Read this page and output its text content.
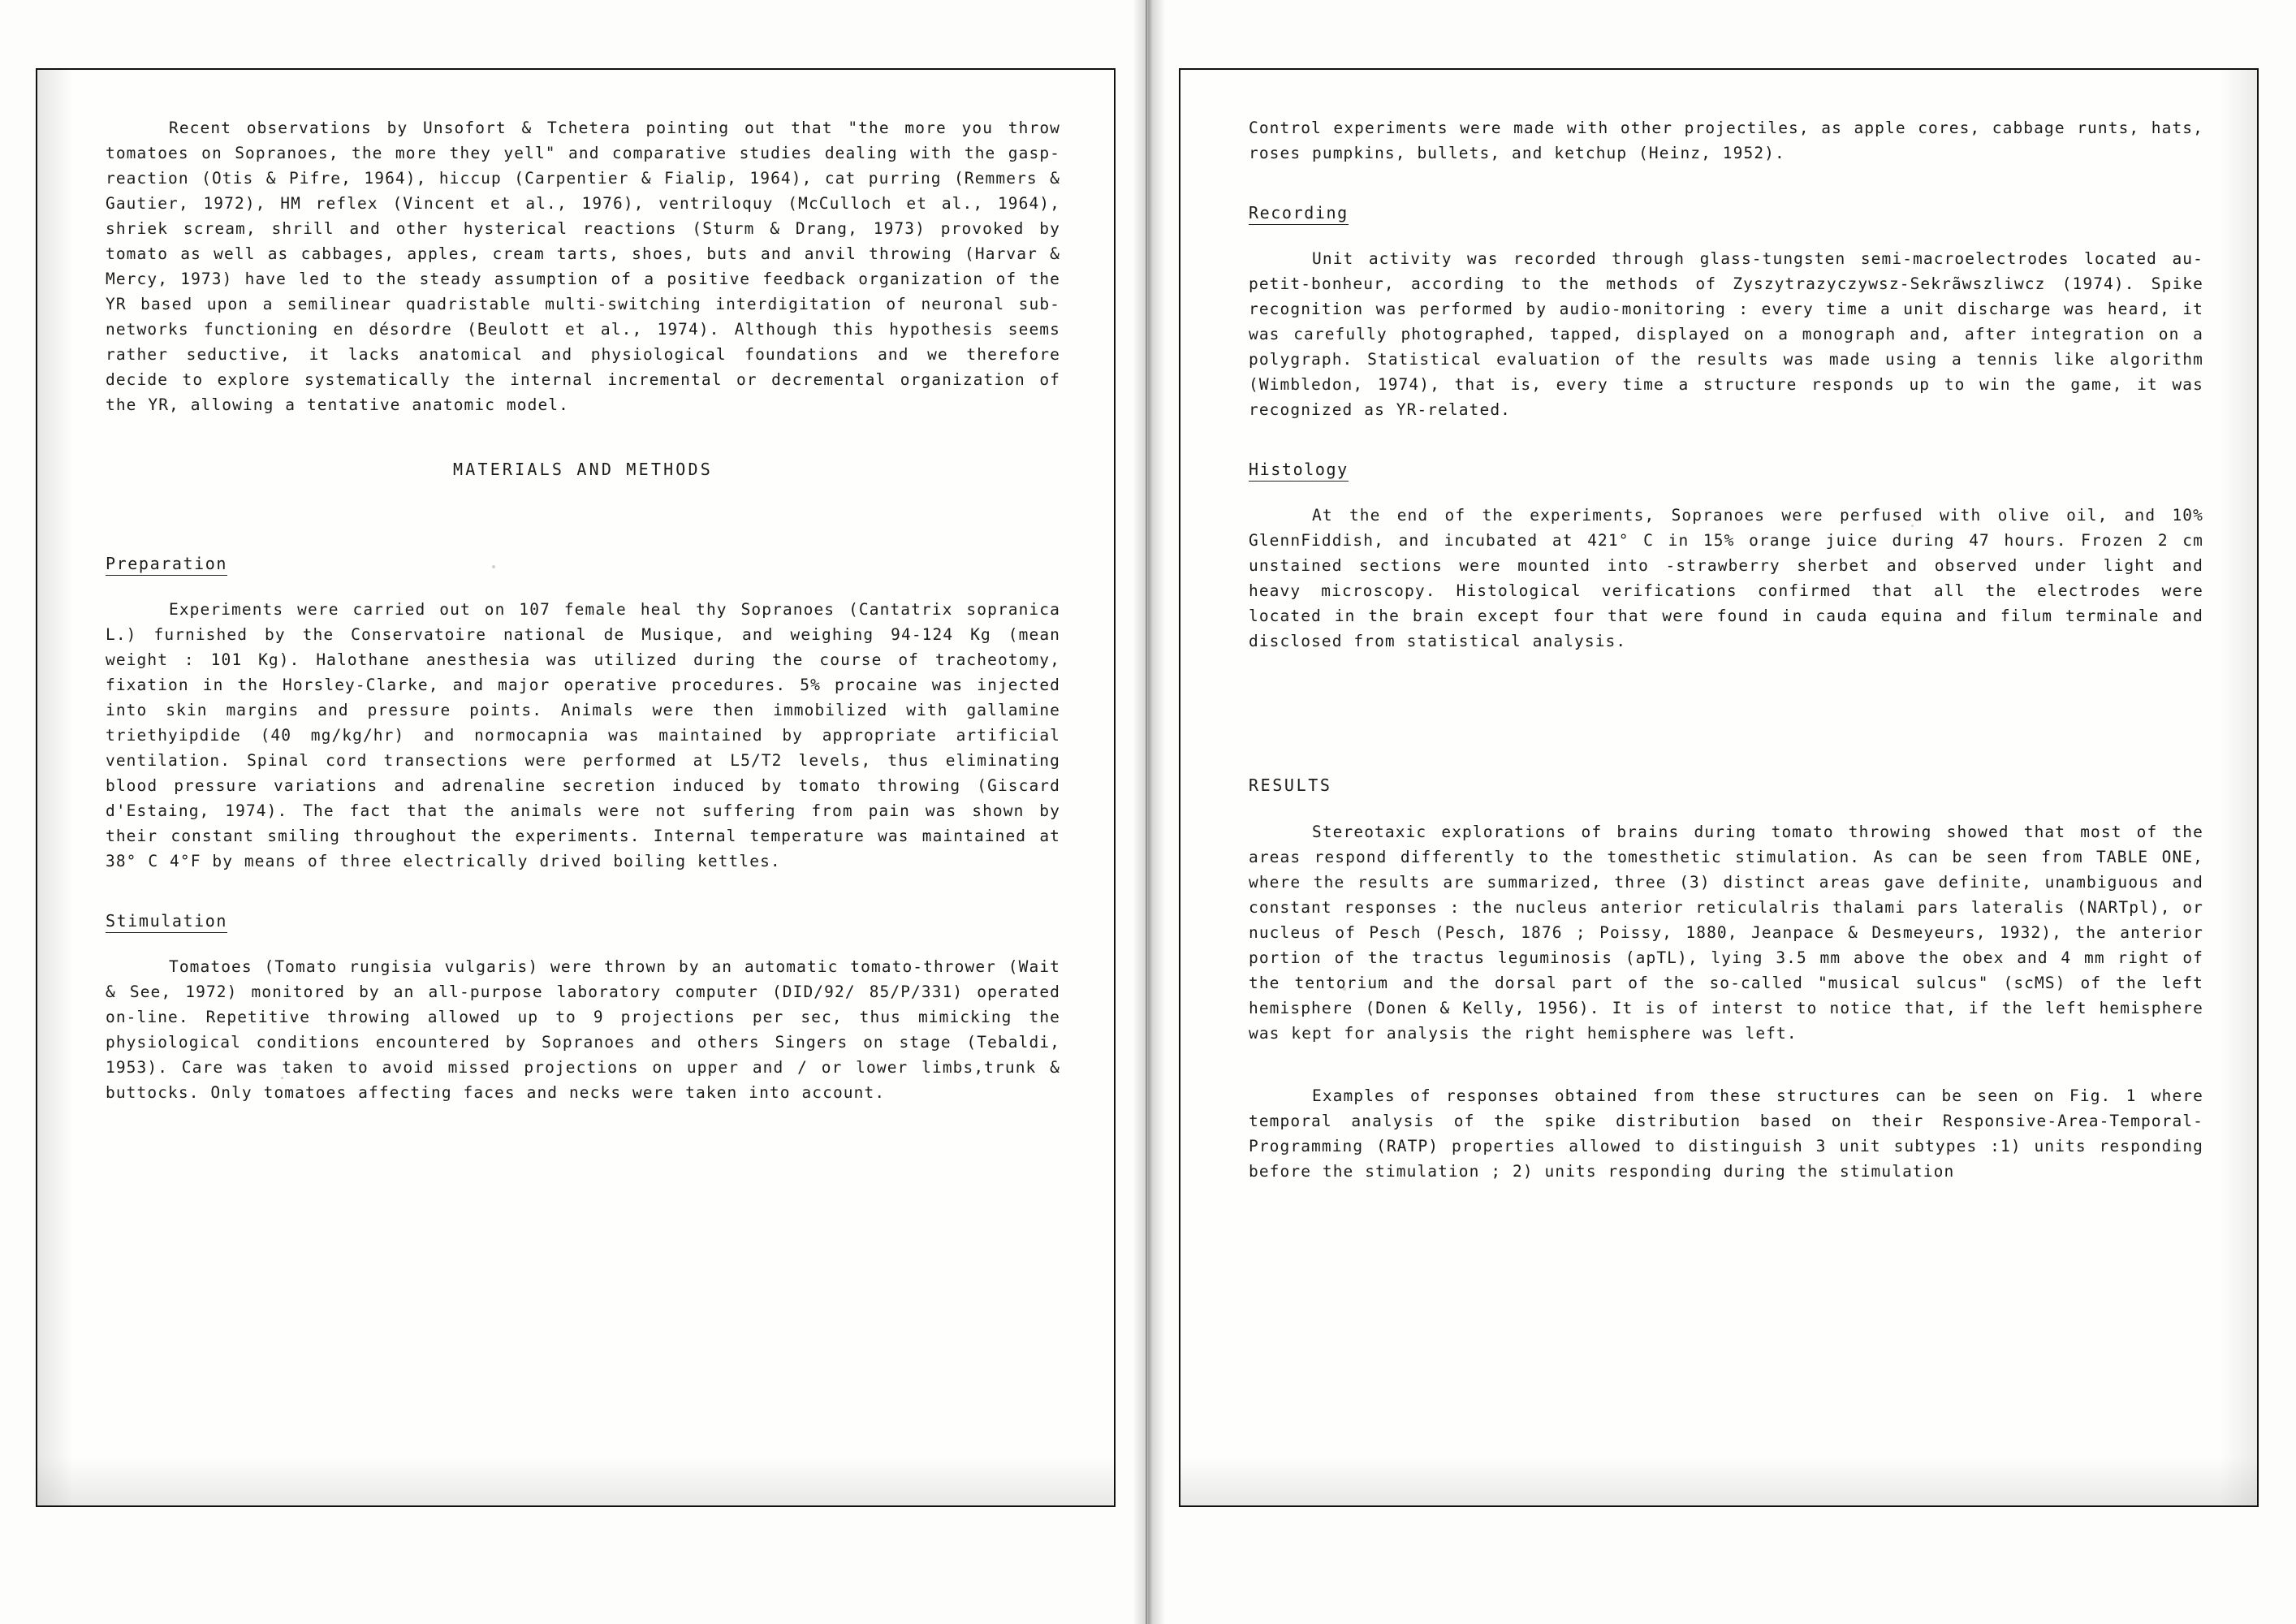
Recent observations by Unsofort & Tchetera pointing out that "the more you throw tomatoes on Sopranoes, the more they yell" and comparative studies dealing with the gasp-reaction (Otis & Pifre, 1964), hiccup (Carpentier & Fialip, 1964), cat purring (Remmers & Gautier, 1972), HM reflex (Vincent et al., 1976), ventriloquy (McCulloch et al., 1964), shriek scream, shrill and other hysterical reactions (Sturm & Drang, 1973) provoked by tomato as well as cabbages, apples, cream tarts, shoes, buts and anvil throwing (Harvar & Mercy, 1973) have led to the steady assumption of a positive feedback organization of the YR based upon a semilinear quadristable multi-switching interdigitation of neuronal sub-networks functioning en désordre (Beulott et al., 1974). Although this hypothesis seems rather seductive, it lacks anatomical and physiological foundations and we therefore decide to explore systematically the internal incremental or decremental organization of the YR, allowing a tentative anatomic model.

MATERIALS AND METHODS
Preparation

Experiments were carried out on 107 female heal thy Sopranoes (Cantatrix sopranica L.) furnished by the Conservatoire national de Musique, and weighing 94-124 Kg (mean weight : 101 Kg). Halothane anesthesia was utilized during the course of tracheotomy, fixation in the Horsley-Clarke, and major operative procedures. 5% procaine was injected into skin margins and pressure points. Animals were then immobilized with gallamine triethyipdide (40 mg/kg/hr) and normocapnia was maintained by appropriate artificial ventilation. Spinal cord transections were performed at L5/T2 levels, thus eliminating blood pressure variations and adrenaline secretion induced by tomato throwing (Giscard d'Estaing, 1974). The fact that the animals were not suffering from pain was shown by their constant smiling throughout the experiments. Internal temperature was maintained at 38° C 4°F by means of three electrically drived boiling kettles.

Stimulation

Tomatoes (Tomato rungisia vulgaris) were thrown by an automatic tomato-thrower (Wait & See, 1972) monitored by an all-purpose laboratory computer (DID/92/ 85/P/331) operated on-line. Repetitive throwing allowed up to 9 projections per sec, thus mimicking the physiological conditions encountered by Sopranoes and others Singers on stage (Tebaldi, 1953). Care was taken to avoid missed projections on upper and / or lower limbs,trunk & buttocks. Only tomatoes affecting faces and necks were taken into account.

Control experiments were made with other projectiles, as apple cores, cabbage runts, hats, roses pumpkins, bullets, and ketchup (Heinz, 1952).

Recording

Unit activity was recorded through glass-tungsten semi-macroelectrodes located au-petit-bonheur, according to the methods of Zyszytrazyczywsz-Sekrãwszliwcz (1974). Spike recognition was performed by audio-monitoring : every time a unit discharge was heard, it was carefully photographed, tapped, displayed on a monograph and, after integration on a polygraph. Statistical evaluation of the results was made using a tennis like algorithm (Wimbledon, 1974), that is, every time a structure responds up to win the game, it was recognized as YR-related.

Histology

At the end of the experiments, Sopranoes were perfused with olive oil, and 10% GlennFiddish, and incubated at 421° C in 15% orange juice during 47 hours. Frozen 2 cm unstained sections were mounted into -strawberry sherbet and observed under light and heavy microscopy. Histological verifications confirmed that all the electrodes were located in the brain except four that were found in cauda equina and filum terminale and disclosed from statistical analysis.

RESULTS

Stereotaxic explorations of brains during tomato throwing showed that most of the areas respond differently to the tomesthetic stimulation. As can be seen from TABLE ONE, where the results are summarized, three (3) distinct areas gave definite, unambiguous and constant responses : the nucleus anterior reticulalris thalami pars lateralis (NARTpl), or nucleus of Pesch (Pesch, 1876 ; Poissy, 1880, Jeanpace & Desmeyeurs, 1932), the anterior portion of the tractus leguminosis (apTL), lying 3.5 mm above the obex and 4 mm right of the tentorium and the dorsal part of the so-called "musical sulcus" (scMS) of the left hemisphere (Donen & Kelly, 1956). It is of interst to notice that, if the left hemisphere was kept for analysis the right hemisphere was left.

Examples of responses obtained from these structures can be seen on Fig. 1 where temporal analysis of the spike distribution based on their Responsive-Area-Temporal-Programming (RATP) properties allowed to distinguish 3 unit subtypes :1) units responding before the stimulation ; 2) units responding during the stimulation
